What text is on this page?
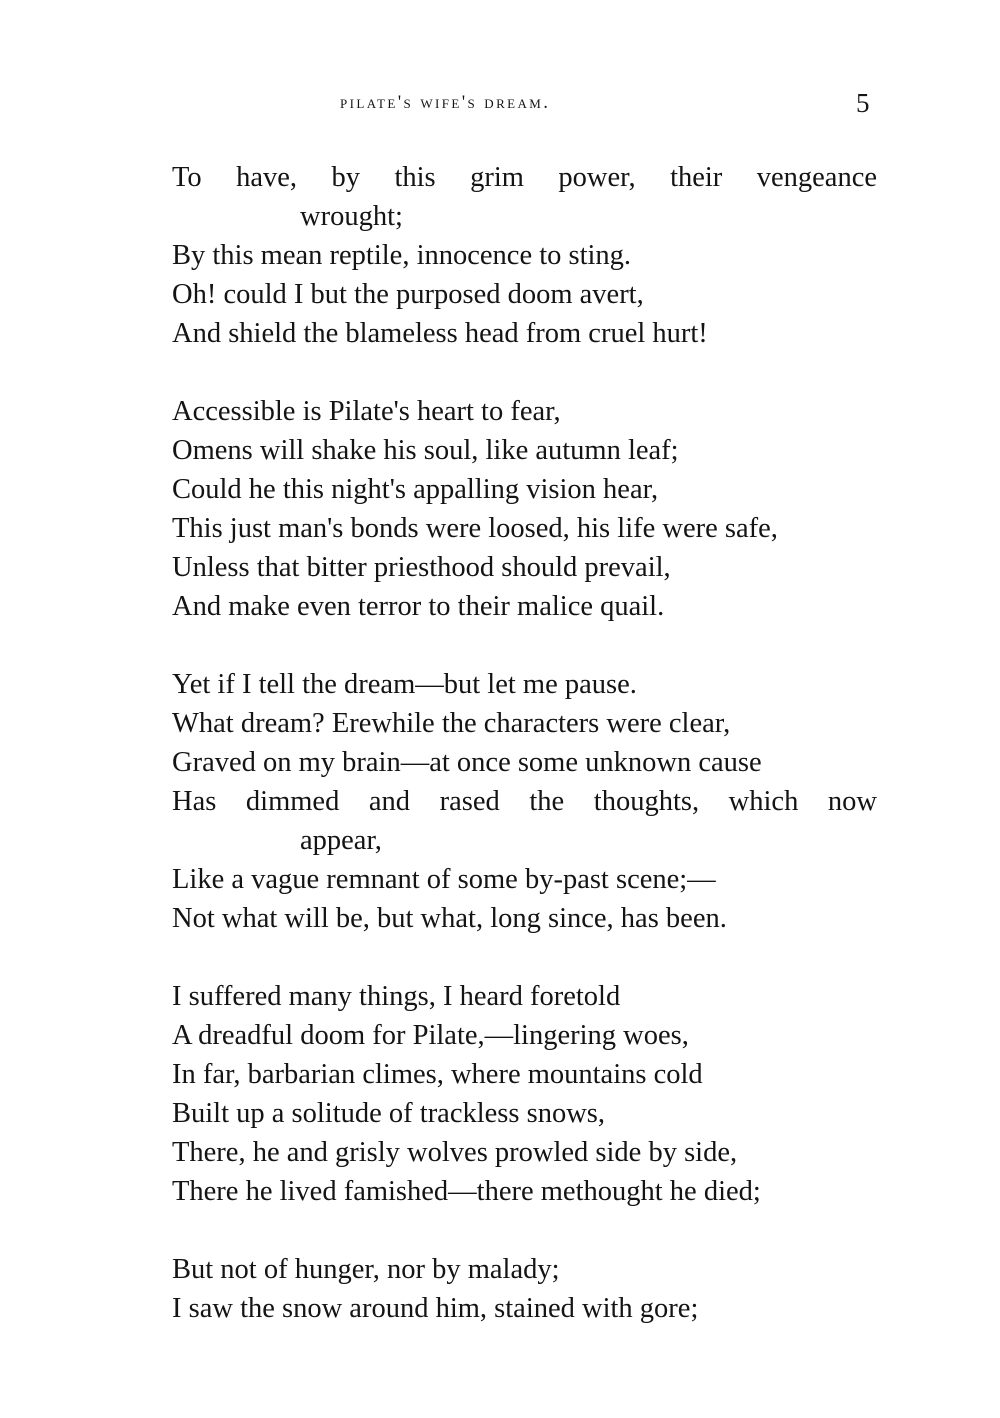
pilate's wife's dream.	5
To have, by this grim power, their vengeance
wrought;
By this mean reptile, innocence to sting.
Oh! could I but the purposed doom avert,
And shield the blameless head from cruel hurt!
Accessible is Pilate's heart to fear,
Omens will shake his soul, like autumn leaf;
Could he this night's appalling vision hear,
This just man's bonds were loosed, his life were safe,
Unless that bitter priesthood should prevail,
And make even terror to their malice quail.
Yet if I tell the dream—but let me pause.
What dream? Erewhile the characters were clear,
Graved on my brain—at once some unknown cause
Has dimmed and rased the thoughts, which now
appear,
Like a vague remnant of some by-past scene;—
Not what will be, but what, long since, has been.
I suffered many things, I heard foretold
A dreadful doom for Pilate,—lingering woes,
In far, barbarian climes, where mountains cold
Built up a solitude of trackless snows,
There, he and grisly wolves prowled side by side,
There he lived famished—there methought he died;
But not of hunger, nor by malady;
I saw the snow around him, stained with gore;
